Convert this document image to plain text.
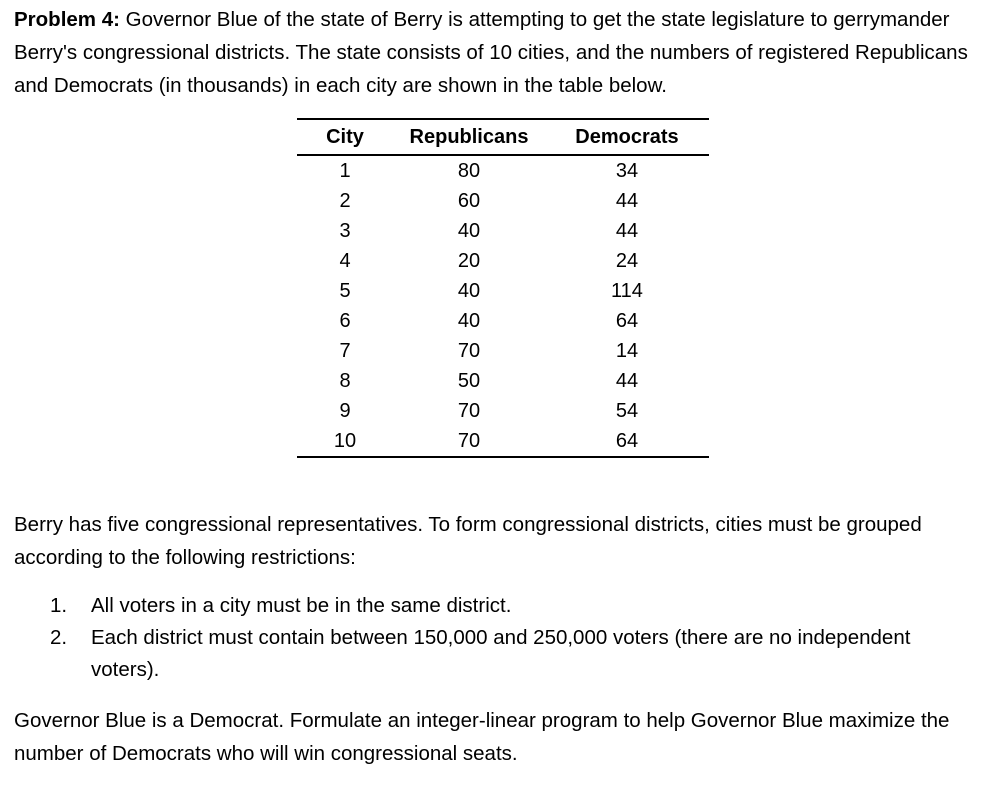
Problem 4: Governor Blue of the state of Berry is attempting to get the state legislature to gerrymander Berry's congressional districts. The state consists of 10 cities, and the numbers of registered Republicans and Democrats (in thousands) in each city are shown in the table below.

City	Republicans	Democrats
1	80	34
2	60	44
3	40	44
4	20	24
5	40	114
6	40	64
7	70	14
8	50	44
9	70	54
10	70	64

Berry has five congressional representatives. To form congressional districts, cities must be grouped according to the following restrictions:

1. All voters in a city must be in the same district.
2. Each district must contain between 150,000 and 250,000 voters (there are no independent voters).

Governor Blue is a Democrat. Formulate an integer-linear program to help Governor Blue maximize the number of Democrats who will win congressional seats.
